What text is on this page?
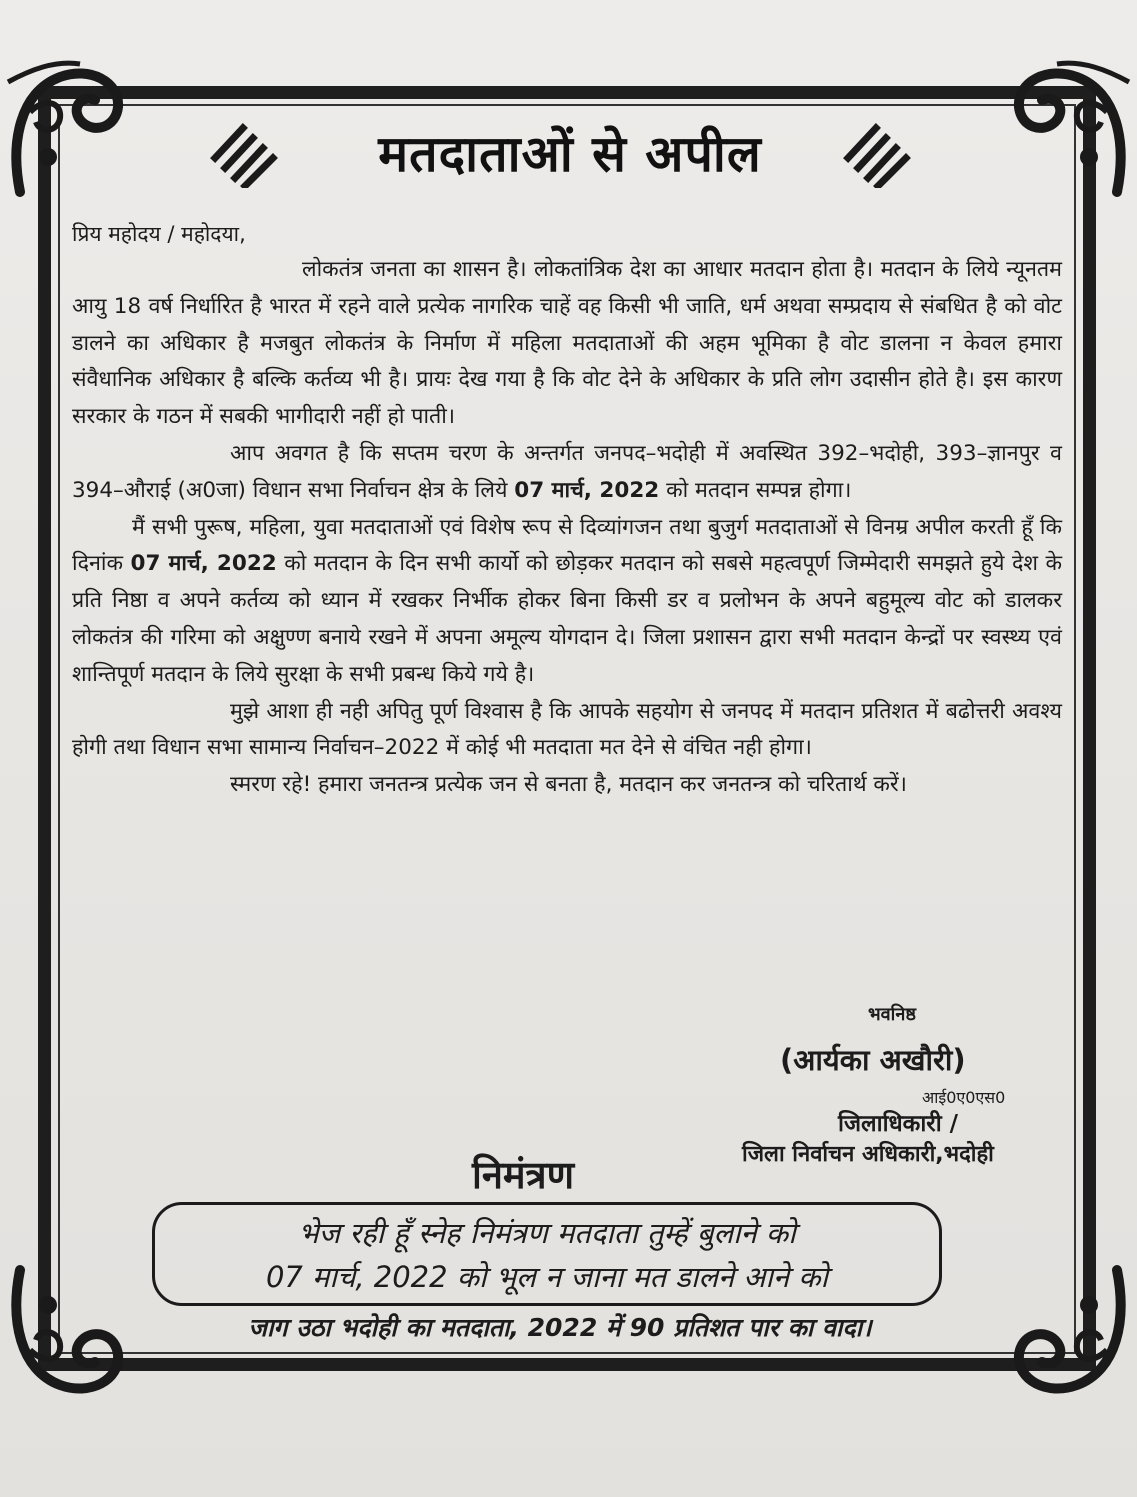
मतदाताओं से अपील
प्रिय महोदय / महोदया,

लोकतंत्र जनता का शासन है। लोकतांत्रिक देश का आधार मतदान होता है। मतदान के लिये न्यूनतम आयु 18 वर्ष निर्धारित है भारत में रहने वाले प्रत्येक नागरिक चाहें वह किसी भी जाति, धर्म अथवा सम्प्रदाय से संबधित है को वोट डालने का अधिकार है मजबुत लोकतंत्र के निर्माण में महिला मतदाताओं की अहम भूमिका है वोट डालना न केवल हमारा संवैधानिक अधिकार है बल्कि कर्तव्य भी है। प्रायः देख गया है कि वोट देने के अधिकार के प्रति लोग उदासीन होते है। इस कारण सरकार के गठन में सबकी भागीदारी नहीं हो पाती।

आप अवगत है कि सप्तम चरण के अन्तर्गत जनपद–भदोही में अवस्थित 392–भदोही, 393–ज्ञानपुर व 394–औराई (अ0जा) विधान सभा निर्वाचन क्षेत्र के लिये 07 मार्च, 2022 को मतदान सम्पन्न होगा।

मैं सभी पुरूष, महिला, युवा मतदाताओं एवं विशेष रूप से दिव्यांगजन तथा बुजुर्ग मतदाताओं से विनम्र अपील करती हूँ कि दिनांक 07 मार्च, 2022 को मतदान के दिन सभी कार्यो को छोड़कर मतदान को सबसे महत्वपूर्ण जिम्मेदारी समझते हुये देश के प्रति निष्ठा व अपने कर्तव्य को ध्यान में रखकर निर्भीक होकर बिना किसी डर व प्रलोभन के अपने बहुमूल्य वोट को डालकर लोकतंत्र की गरिमा को अक्षुण्ण बनाये रखने में अपना अमूल्य योगदान दे। जिला प्रशासन द्वारा सभी मतदान केन्द्रों पर स्वस्थ्य एवं शान्तिपूर्ण मतदान के लिये सुरक्षा के सभी प्रबन्ध किये गये है।

मुझे आशा ही नही अपितु पूर्ण विश्वास है कि आपके सहयोग से जनपद में मतदान प्रतिशत में बढोत्तरी अवश्य होगी तथा विधान सभा सामान्य निर्वाचन–2022 में कोई भी मतदाता मत देने से वंचित नही होगा।

स्मरण रहे! हमारा जनतन्त्र प्रत्येक जन से बनता है, मतदान कर जनतन्त्र को चरितार्थ करें।

भवनिष्ठ
(आर्यका अखौरी)
आई0ए0एस0
जिलाधिकारी /
जिला निर्वाचन अधिकारी,भदोही
निमंत्रण
भेज रही हूँ स्नेह निमंत्रण मतदाता तुम्हें बुलाने को
07 मार्च, 2022 को भूल न जाना मत डालने आने को
जाग उठा भदोही का मतदाता, 2022 में 90 प्रतिशत पार का वादा।
